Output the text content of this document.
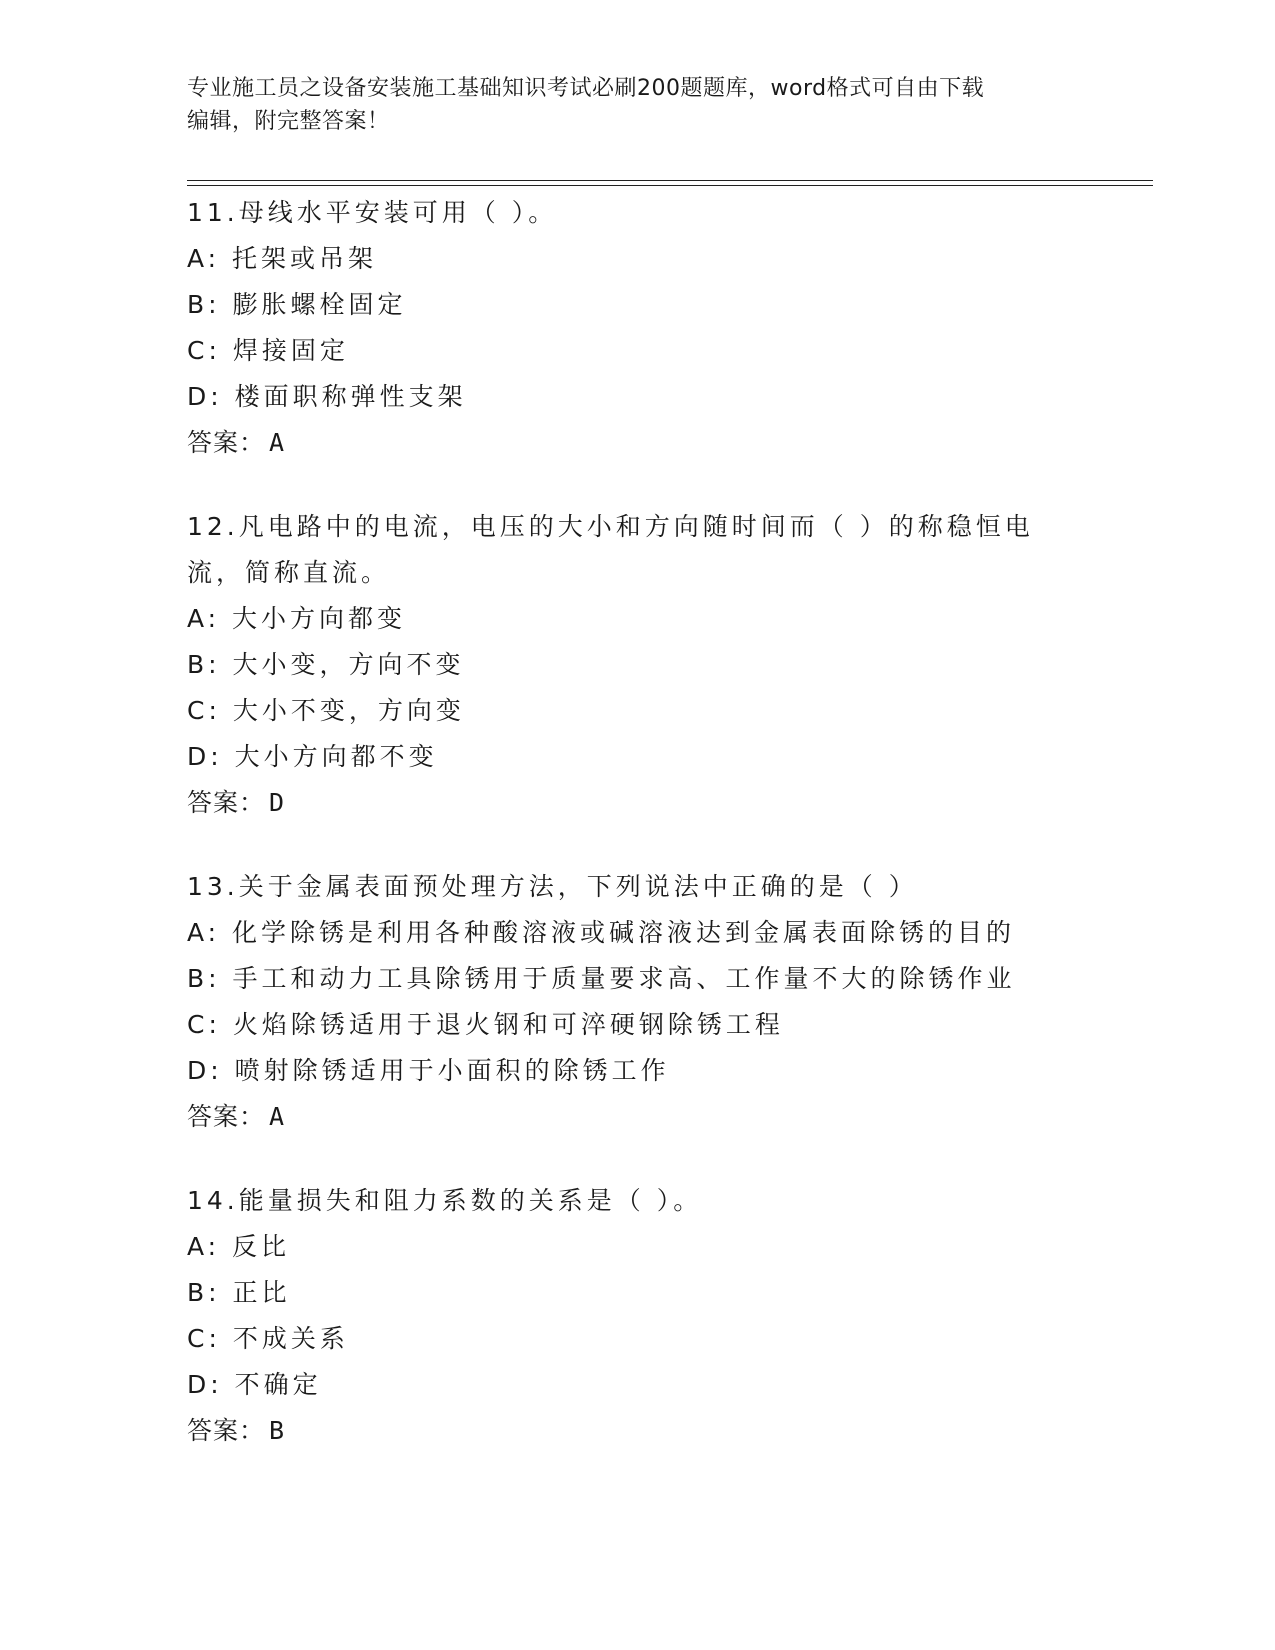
专业施工员之设备安装施工基础知识考试必刷200题题库，word格式可自由下载
编辑，附完整答案！
11.母线水平安装可用（ ）。
A: 托架或吊架
B: 膨胀螺栓固定
C: 焊接固定
D: 楼面职称弹性支架
答案： A
12.凡电路中的电流，电压的大小和方向随时间而（ ）的称稳恒电流，简称直流。
A: 大小方向都变
B: 大小变，方向不变
C: 大小不变，方向变
D: 大小方向都不变
答案： D
13.关于金属表面预处理方法，下列说法中正确的是（ ）
A: 化学除锈是利用各种酸溶液或碱溶液达到金属表面除锈的目的
B: 手工和动力工具除锈用于质量要求高、工作量不大的除锈作业
C: 火焰除锈适用于退火钢和可淬硬钢除锈工程
D: 喷射除锈适用于小面积的除锈工作
答案： A
14.能量损失和阻力系数的关系是（ ）。
A: 反比
B: 正比
C: 不成关系
D: 不确定
答案： B
